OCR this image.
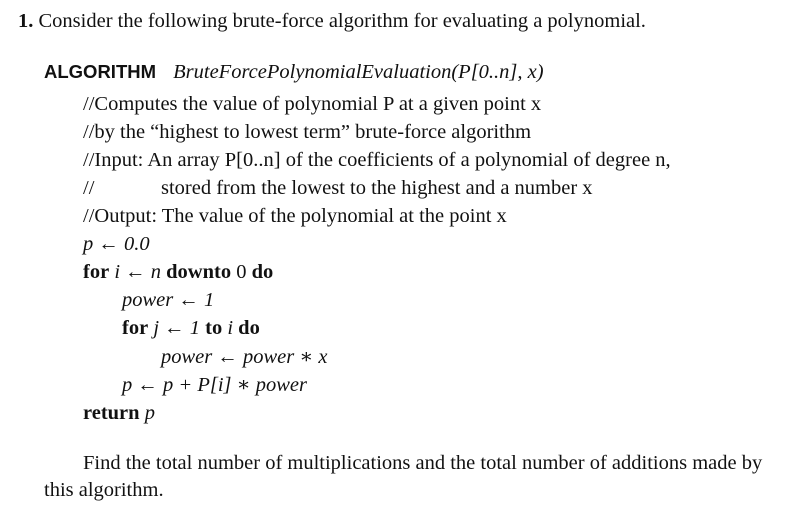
1. Consider the following brute-force algorithm for evaluating a polynomial.
ALGORITHM BruteForcePolynomialEvaluation(P[0..n], x)
//Computes the value of polynomial P at a given point x
//by the “highest to lowest term” brute-force algorithm
//Input: An array P[0..n] of the coefficients of a polynomial of degree n,
//	stored from the lowest to the highest and a number x
//Output: The value of the polynomial at the point x
p ← 0.0
for i ← n downto 0 do
power ← 1
for j ← 1 to i do
power ← power ∗ x
p ← p + P[i] ∗ power
return p
Find the total number of multiplications and the total number of additions made by this algorithm.
